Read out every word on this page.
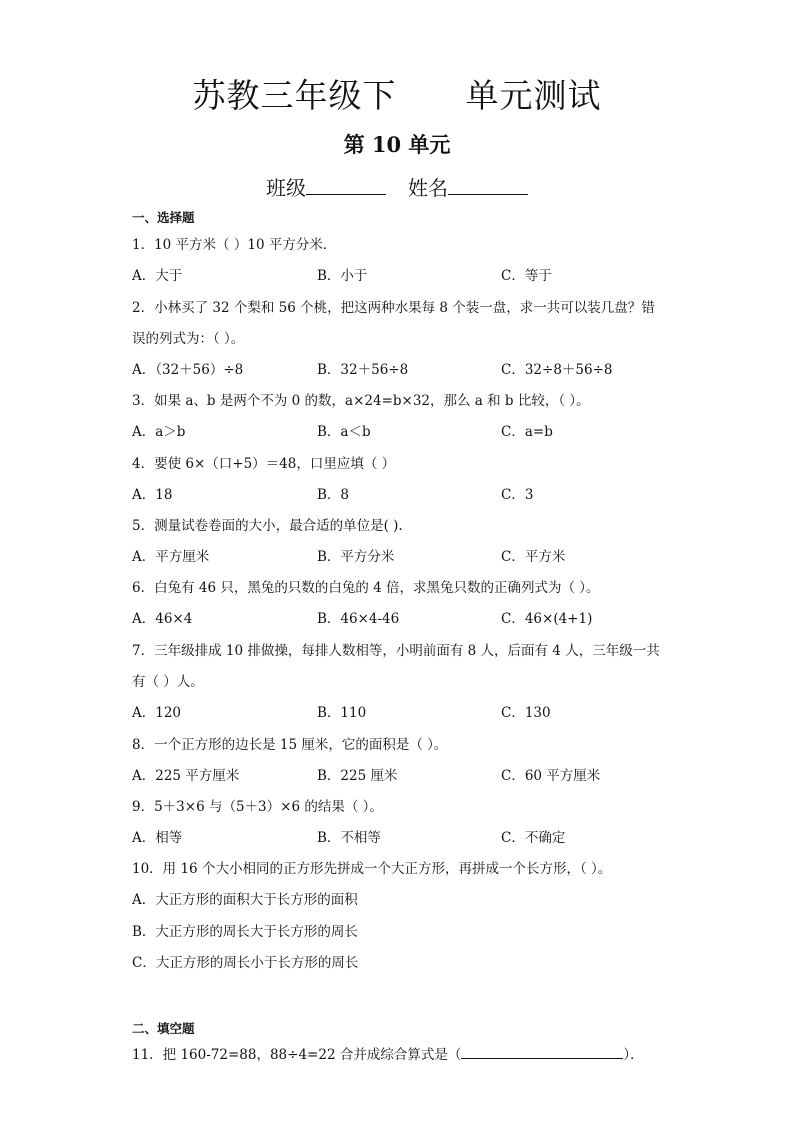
苏教三年级下      单元测试
第 10 单元
班级	姓名
一、选择题
1．10 平方米（ ）10 平方分米．
A．大于	B．小于	C．等于
2．小林买了 32 个梨和 56 个桃，把这两种水果每 8 个装一盘，求一共可以装几盘？错
误的列式为：（ ）。
A．（32＋56）÷8	B．32＋56÷8	C．32÷8＋56÷8
3．如果 a、b 是两个不为 0 的数，a×24=b×32，那么 a 和 b 比较，（ ）。
A．a＞b	B．a＜b	C．a=b
4．要使 6×（口+5）＝48，口里应填（ ）
A．18	B．8	C．3
5．测量试卷卷面的大小，最合适的单位是( ).
A．平方厘米	B．平方分米	C．平方米
6．白兔有 46 只，黑兔的只数的白兔的 4 倍，求黑兔只数的正确列式为（ ）。
A．46×4	B．46×4-46	C．46×(4+1)
7．三年级排成 10 排做操，每排人数相等，小明前面有 8 人，后面有 4 人，三年级一共
有（ ）人。
A．120	B．110	C．130
8．一个正方形的边长是 15 厘米，它的面积是（ ）。
A．225 平方厘米	B．225 厘米	C．60 平方厘米
9．5＋3×6 与（5＋3）×6 的结果（ ）。
A．相等	B．不相等	C．不确定
10．用 16 个大小相同的正方形先拼成一个大正方形，再拼成一个长方形，（ ）。
A．大正方形的面积大于长方形的面积
B．大正方形的周长大于长方形的周长
C．大正方形的周长小于长方形的周长
二、填空题
11．把 160-72=88，88÷4=22 合并成综合算式是（	）．
